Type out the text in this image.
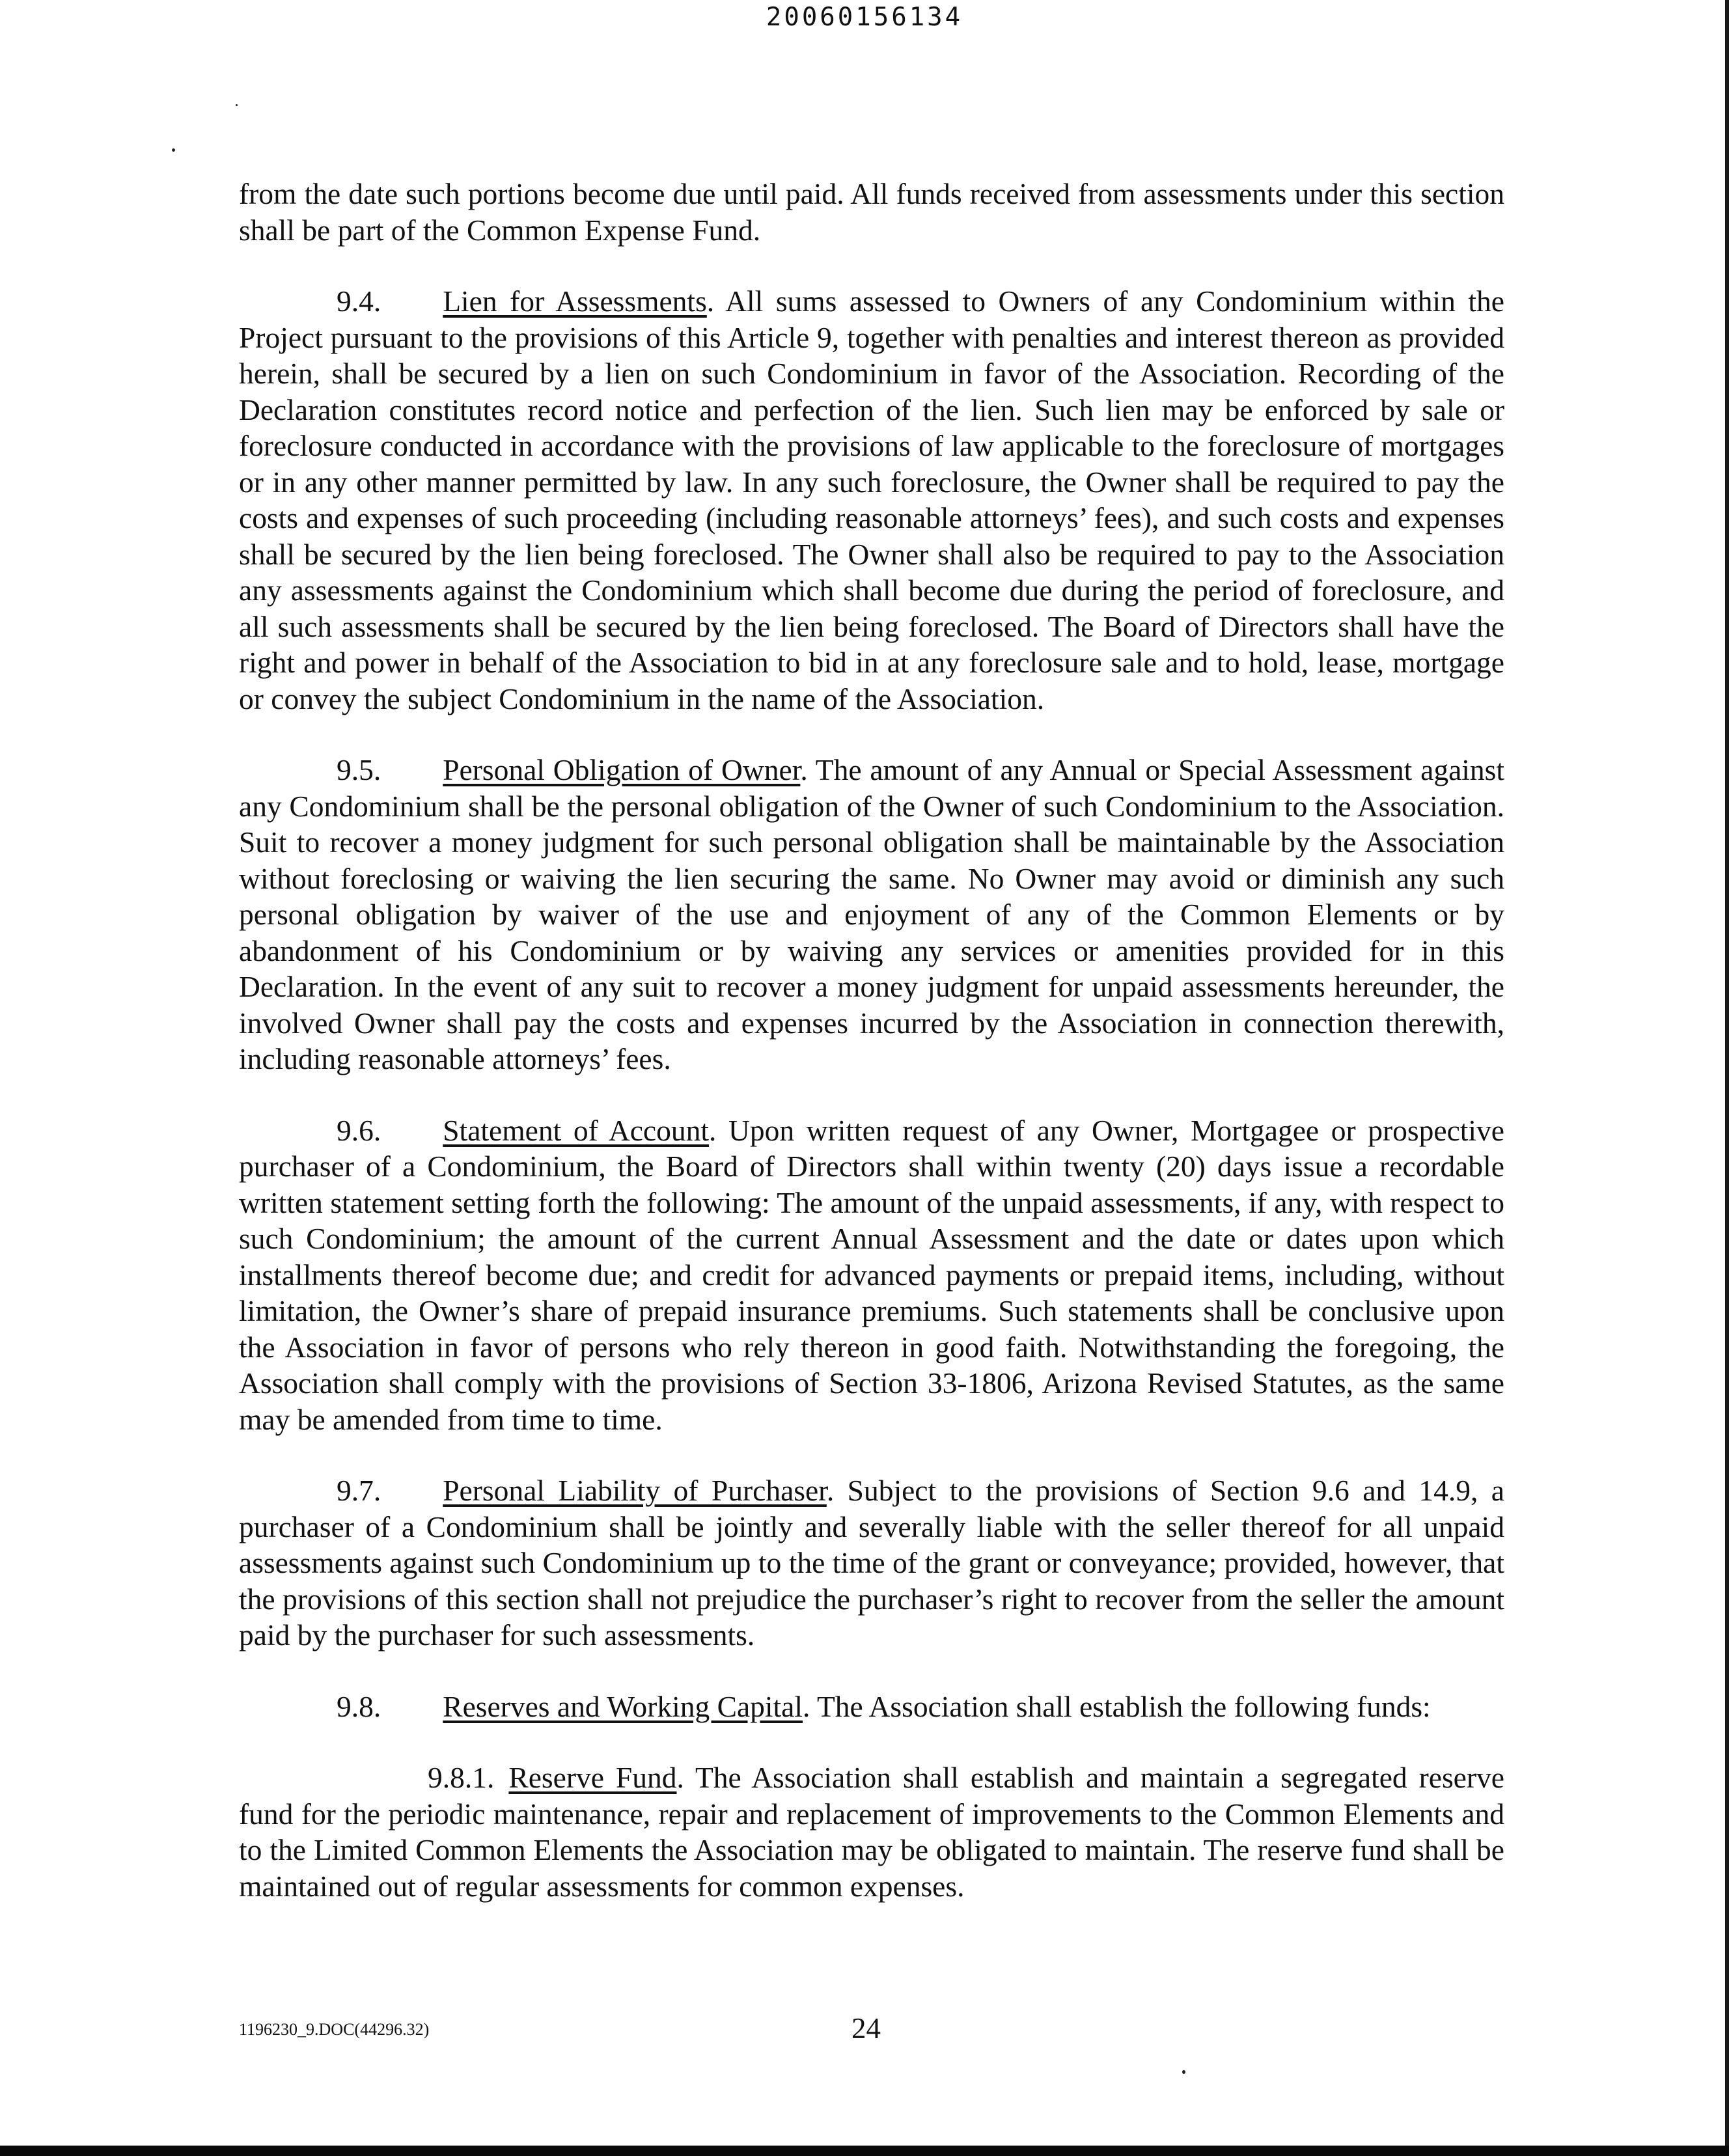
20060156134

from the date such portions become due until paid. All funds received from assessments under this section shall be part of the Common Expense Fund.

9.4. Lien for Assessments. All sums assessed to Owners of any Condominium within the Project pursuant to the provisions of this Article 9, together with penalties and interest thereon as provided herein, shall be secured by a lien on such Condominium in favor of the Association. Recording of the Declaration constitutes record notice and perfection of the lien. Such lien may be enforced by sale or foreclosure conducted in accordance with the provisions of law applicable to the foreclosure of mortgages or in any other manner permitted by law. In any such foreclosure, the Owner shall be required to pay the costs and expenses of such proceeding (including reasonable attorneys’ fees), and such costs and expenses shall be secured by the lien being foreclosed. The Owner shall also be required to pay to the Association any assessments against the Condominium which shall become due during the period of foreclosure, and all such assessments shall be secured by the lien being foreclosed. The Board of Directors shall have the right and power in behalf of the Association to bid in at any foreclosure sale and to hold, lease, mortgage or convey the subject Condominium in the name of the Association.

9.5. Personal Obligation of Owner. The amount of any Annual or Special Assessment against any Condominium shall be the personal obligation of the Owner of such Condominium to the Association. Suit to recover a money judgment for such personal obligation shall be maintainable by the Association without foreclosing or waiving the lien securing the same. No Owner may avoid or diminish any such personal obligation by waiver of the use and enjoyment of any of the Common Elements or by abandonment of his Condominium or by waiving any services or amenities provided for in this Declaration. In the event of any suit to recover a money judgment for unpaid assessments hereunder, the involved Owner shall pay the costs and expenses incurred by the Association in connection therewith, including reasonable attorneys’ fees.

9.6. Statement of Account. Upon written request of any Owner, Mortgagee or prospective purchaser of a Condominium, the Board of Directors shall within twenty (20) days issue a recordable written statement setting forth the following: The amount of the unpaid assessments, if any, with respect to such Condominium; the amount of the current Annual Assessment and the date or dates upon which installments thereof become due; and credit for advanced payments or prepaid items, including, without limitation, the Owner’s share of prepaid insurance premiums. Such statements shall be conclusive upon the Association in favor of persons who rely thereon in good faith. Notwithstanding the foregoing, the Association shall comply with the provisions of Section 33-1806, Arizona Revised Statutes, as the same may be amended from time to time.

9.7. Personal Liability of Purchaser. Subject to the provisions of Section 9.6 and 14.9, a purchaser of a Condominium shall be jointly and severally liable with the seller thereof for all unpaid assessments against such Condominium up to the time of the grant or conveyance; provided, however, that the provisions of this section shall not prejudice the purchaser’s right to recover from the seller the amount paid by the purchaser for such assessments.

9.8. Reserves and Working Capital. The Association shall establish the following funds:

9.8.1. Reserve Fund. The Association shall establish and maintain a segregated reserve fund for the periodic maintenance, repair and replacement of improvements to the Common Elements and to the Limited Common Elements the Association may be obligated to maintain. The reserve fund shall be maintained out of regular assessments for common expenses.

1196230_9.DOC(44296.32)	24
